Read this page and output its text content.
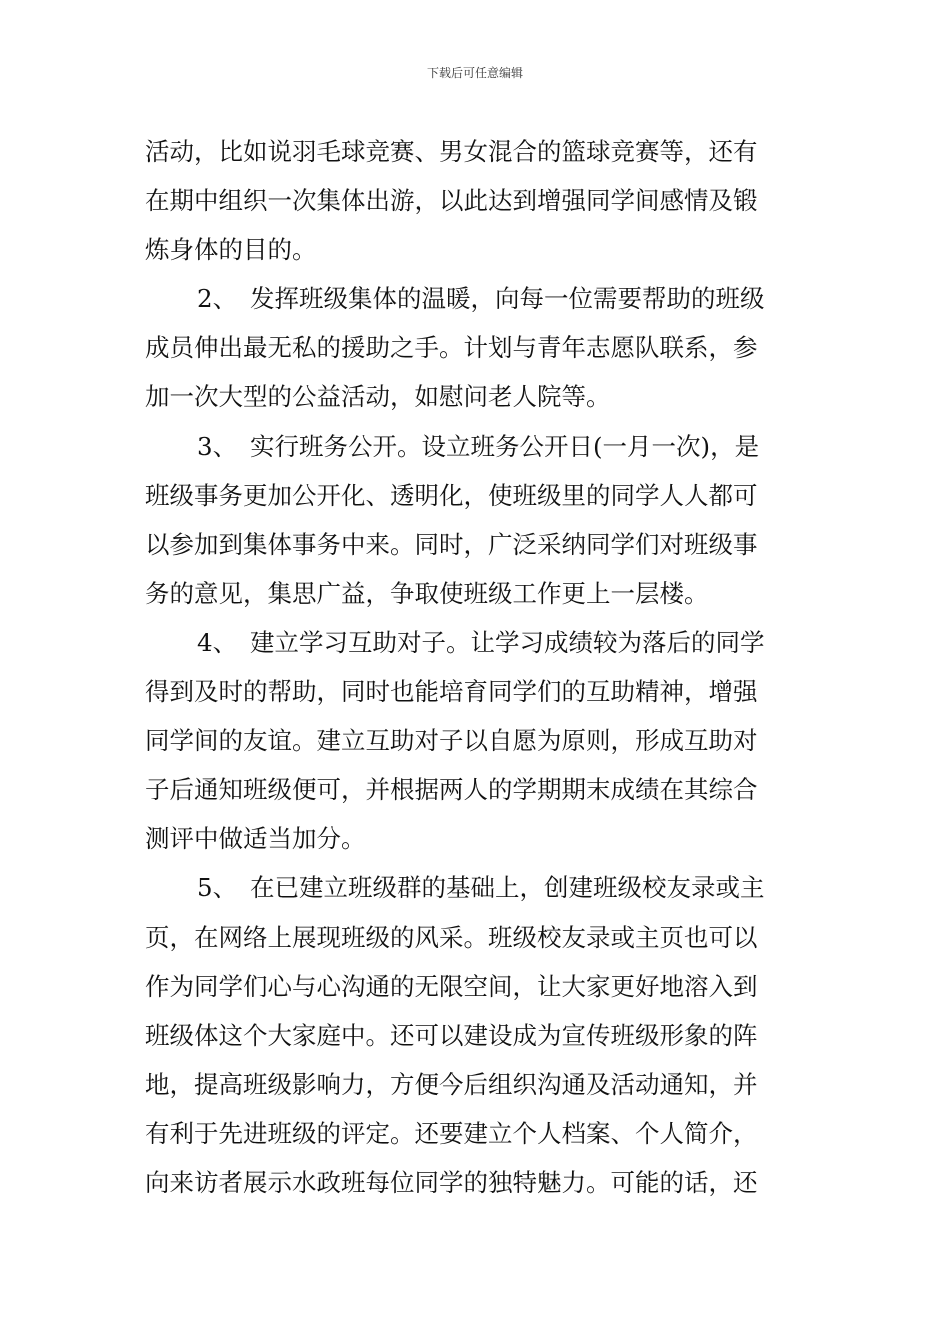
下载后可任意编辑
活动，比如说羽毛球竞赛、男女混合的篮球竞赛等，还有
在期中组织一次集体出游，以此达到增强同学间感情及锻
炼身体的目的。
2、 发挥班级集体的温暖，向每一位需要帮助的班级
成员伸出最无私的援助之手。计划与青年志愿队联系，参
加一次大型的公益活动，如慰问老人院等。
3、 实行班务公开。设立班务公开日(一月一次)，是
班级事务更加公开化、透明化，使班级里的同学人人都可
以参加到集体事务中来。同时，广泛采纳同学们对班级事
务的意见，集思广益，争取使班级工作更上一层楼。
4、 建立学习互助对子。让学习成绩较为落后的同学
得到及时的帮助，同时也能培育同学们的互助精神，增强
同学间的友谊。建立互助对子以自愿为原则，形成互助对
子后通知班级便可，并根据两人的学期期末成绩在其综合
测评中做适当加分。
5、 在已建立班级群的基础上，创建班级校友录或主
页，在网络上展现班级的风采。班级校友录或主页也可以
作为同学们心与心沟通的无限空间，让大家更好地溶入到
班级体这个大家庭中。还可以建设成为宣传班级形象的阵
地，提高班级影响力，方便今后组织沟通及活动通知，并
有利于先进班级的评定。还要建立个人档案、个人简介，
向来访者展示水政班每位同学的独特魅力。可能的话，还
